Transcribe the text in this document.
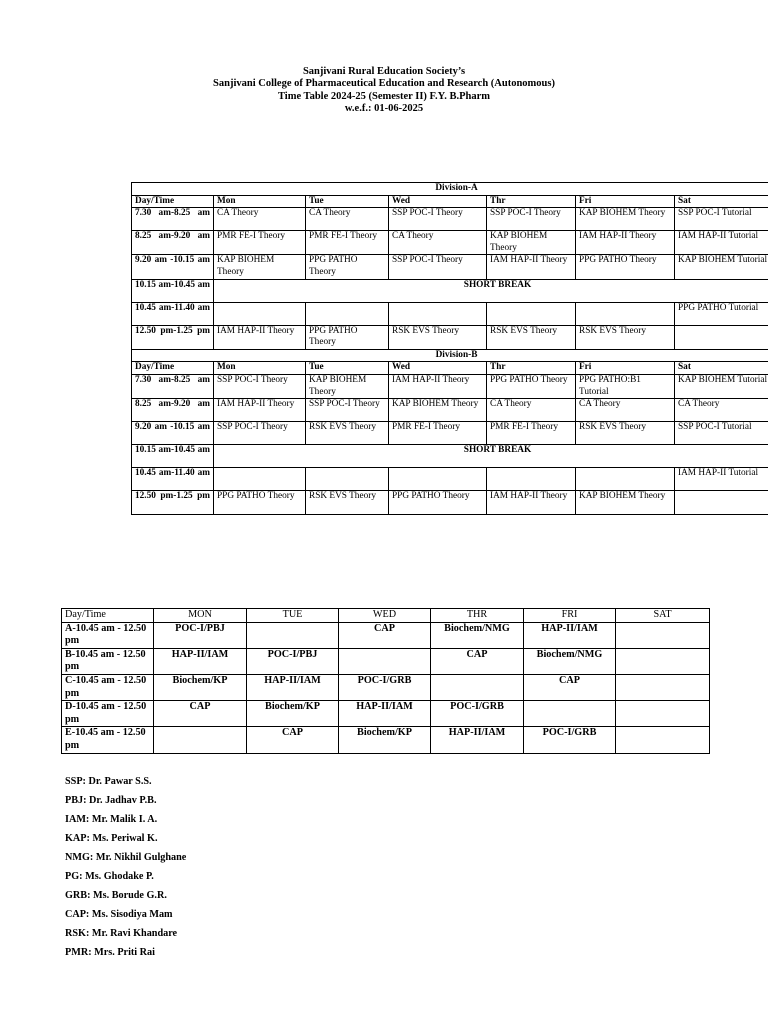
Sanjivani Rural Education Society’s
Sanjivani College of Pharmaceutical Education and Research (Autonomous)
Time Table 2024-25 (Semester II) F.Y. B.Pharm
w.e.f.: 01-06-2025
Division-A						
Day/Time	Mon	Tue	Wed	Thr	Fri	Sat
7.30 am-8.25 am	CA Theory	CA Theory	SSP POC-I Theory	SSP POC-I Theory	KAP BIOHEM Theory	SSP POC-I Tutorial
8.25 am-9.20 am	PMR FE-I Theory	PMR FE-I Theory	CA Theory	KAP BIOHEM Theory	IAM HAP-II Theory	IAM HAP-II Tutorial
9.20 am -10.15 am	KAP BIOHEM Theory	PPG PATHO Theory	SSP POC-I Theory	IAM HAP-II Theory	PPG PATHO Theory	KAP BIOHEM Tutorial
10.15 am-10.45 am	SHORT BREAK					
10.45 am-11.40 am						PPG PATHO Tutorial
12.50 pm-1.25 pm	IAM HAP-II Theory	PPG PATHO Theory	RSK EVS Theory	RSK EVS Theory	RSK EVS Theory	
Division-B						
Day/Time	Mon	Tue	Wed	Thr	Fri	Sat
7.30 am-8.25 am	SSP POC-I Theory	KAP BIOHEM Theory	IAM HAP-II Theory	PPG PATHO Theory	PPG PATHO:B1 Tutorial	KAP BIOHEM Tutorial
8.25 am-9.20 am	IAM HAP-II Theory	SSP POC-I Theory	KAP BIOHEM Theory	CA Theory	CA Theory	CA Theory
9.20 am -10.15 am	SSP POC-I Theory	RSK EVS Theory	PMR FE-I Theory	PMR FE-I Theory	RSK EVS Theory	SSP POC-I Tutorial
10.15 am-10.45 am	SHORT BREAK					
10.45 am-11.40 am						IAM HAP-II Tutorial
12.50 pm-1.25 pm	PPG PATHO Theory	RSK EVS Theory	PPG PATHO Theory	IAM HAP-II Theory	KAP BIOHEM Theory	
Day/Time	MON	TUE	WED	THR	FRI	SAT
A-10.45 am - 12.50 pm	POC-I/PBJ		CAP	Biochem/NMG	HAP-II/IAM	
B-10.45 am - 12.50 pm	HAP-II/IAM	POC-I/PBJ		CAP	Biochem/NMG	
C-10.45 am - 12.50 pm	Biochem/KP	HAP-II/IAM	POC-I/GRB		CAP	
D-10.45 am - 12.50 pm	CAP	Biochem/KP	HAP-II/IAM	POC-I/GRB		
E-10.45 am - 12.50 pm		CAP	Biochem/KP	HAP-II/IAM	POC-I/GRB	
SSP: Dr. Pawar S.S.
PBJ: Dr. Jadhav P.B.
IAM: Mr. Malik I. A.
KAP: Ms. Periwal K.
NMG: Mr. Nikhil Gulghane
PG: Ms. Ghodake P.
GRB: Ms. Borude G.R.
CAP: Ms. Sisodiya Mam
RSK: Mr. Ravi Khandare
PMR: Mrs. Priti Rai
